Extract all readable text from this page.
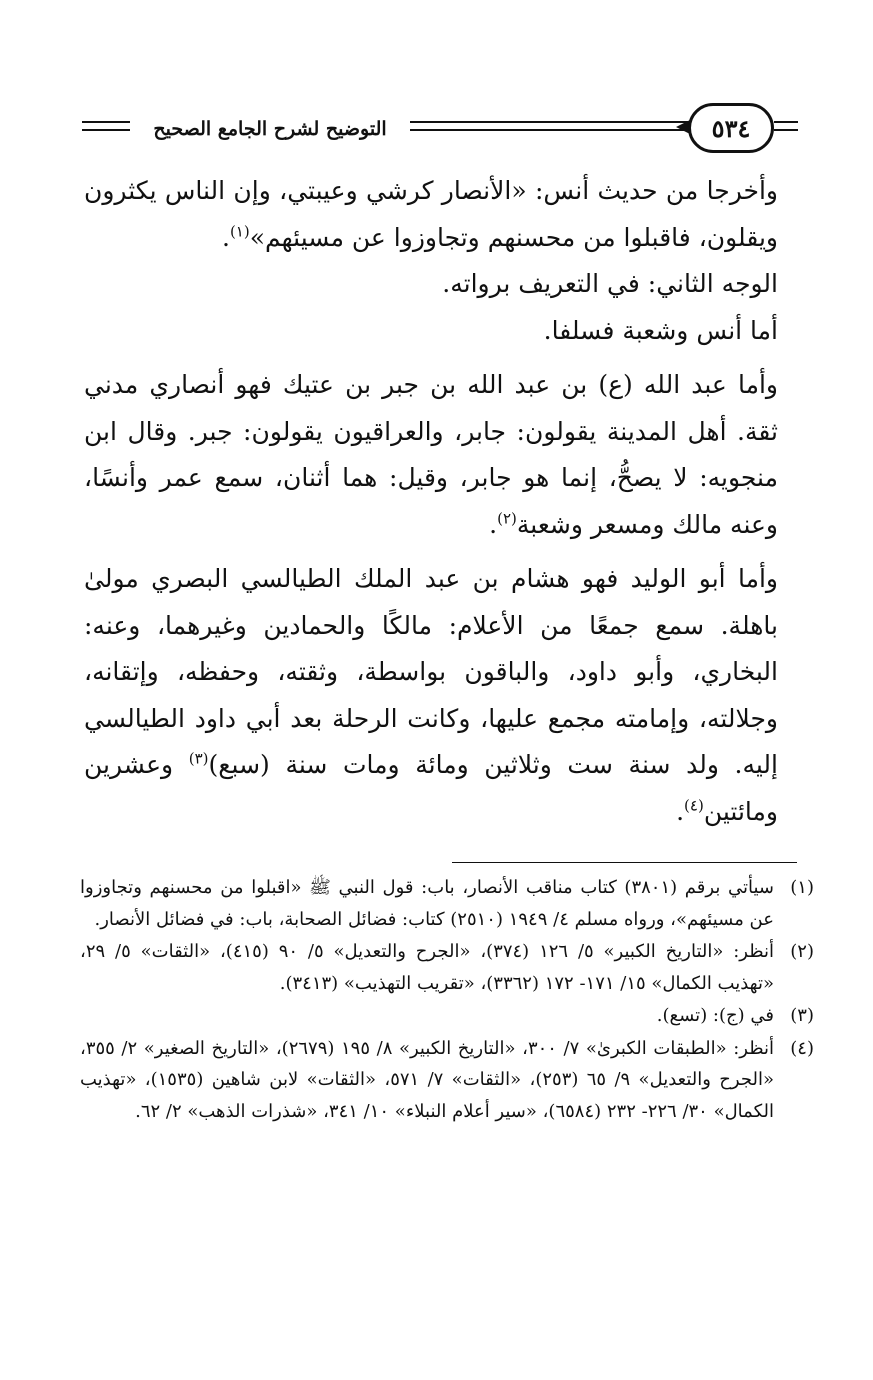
التوضيح لشرح الجامع الصحيح	٥٣٤

وأخرجا من حديث أنس: «الأنصار كرشي وعيبتي، وإن الناس يكثرون ويقلون، فاقبلوا من محسنهم وتجاوزوا عن مسيئهم»$^{(١)}$.

الوجه الثاني: في التعريف برواته.

أما أنس وشعبة فسلفا.

وأما عبد الله (ع) بن عبد الله بن جبر بن عتيك فهو أنصاري مدني ثقة. أهل المدينة يقولون: جابر، والعراقيون يقولون: جبر. وقال ابن منجويه: لا يصحُّ، إنما هو جابر، وقيل: هما أثنان، سمع عمر وأنسًا، وعنه مالك ومسعر وشعبة$^{(٢)}$.

وأما أبو الوليد فهو هشام بن عبد الملك الطيالسي البصري مولىٰ باهلة. سمع جمعًا من الأعلام: مالكًا والحمادين وغيرهما، وعنه: البخاري، وأبو داود، والباقون بواسطة، وثقته، وحفظه، وإتقانه، وجلالته، وإمامته مجمع عليها، وكانت الرحلة بعد أبي داود الطيالسي إليه. ولد سنة ست وثلاثين ومائة ومات سنة (سبع)$^{(٣)}$ وعشرين ومائتين$^{(٤)}$.

(١)
سيأتي برقم (٣٨٠١) كتاب مناقب الأنصار، باب: قول النبي ﷺ «اقبلوا من محسنهم وتجاوزوا عن مسيئهم»، ورواه مسلم ٤/ ١٩٤٩ (٢٥١٠) كتاب: فضائل الصحابة، باب: في فضائل الأنصار.

(٢)
أنظر: «التاريخ الكبير» ٥/ ١٢٦ (٣٧٤)، «الجرح والتعديل» ٥/ ٩٠ (٤١٥)، «الثقات» ٥/ ٢٩، «تهذيب الكمال» ١٥/ ١٧١- ١٧٢ (٣٣٦٢)، «تقريب التهذيب» (٣٤١٣).

(٣)
في (ج): (تسع).

(٤)
أنظر: «الطبقات الكبرىٰ» ٧/ ٣٠٠، «التاريخ الكبير» ٨/ ١٩٥ (٢٦٧٩)، «التاريخ الصغير» ٢/ ٣٥٥، «الجرح والتعديل» ٩/ ٦٥ (٢٥٣)، «الثقات» ٧/ ٥٧١، «الثقات» لابن شاهين (١٥٣٥)، «تهذيب الكمال» ٣٠/ ٢٢٦- ٢٣٢ (٦٥٨٤)، «سير أعلام النبلاء» ١٠/ ٣٤١، «شذرات الذهب» ٢/ ٦٢.
